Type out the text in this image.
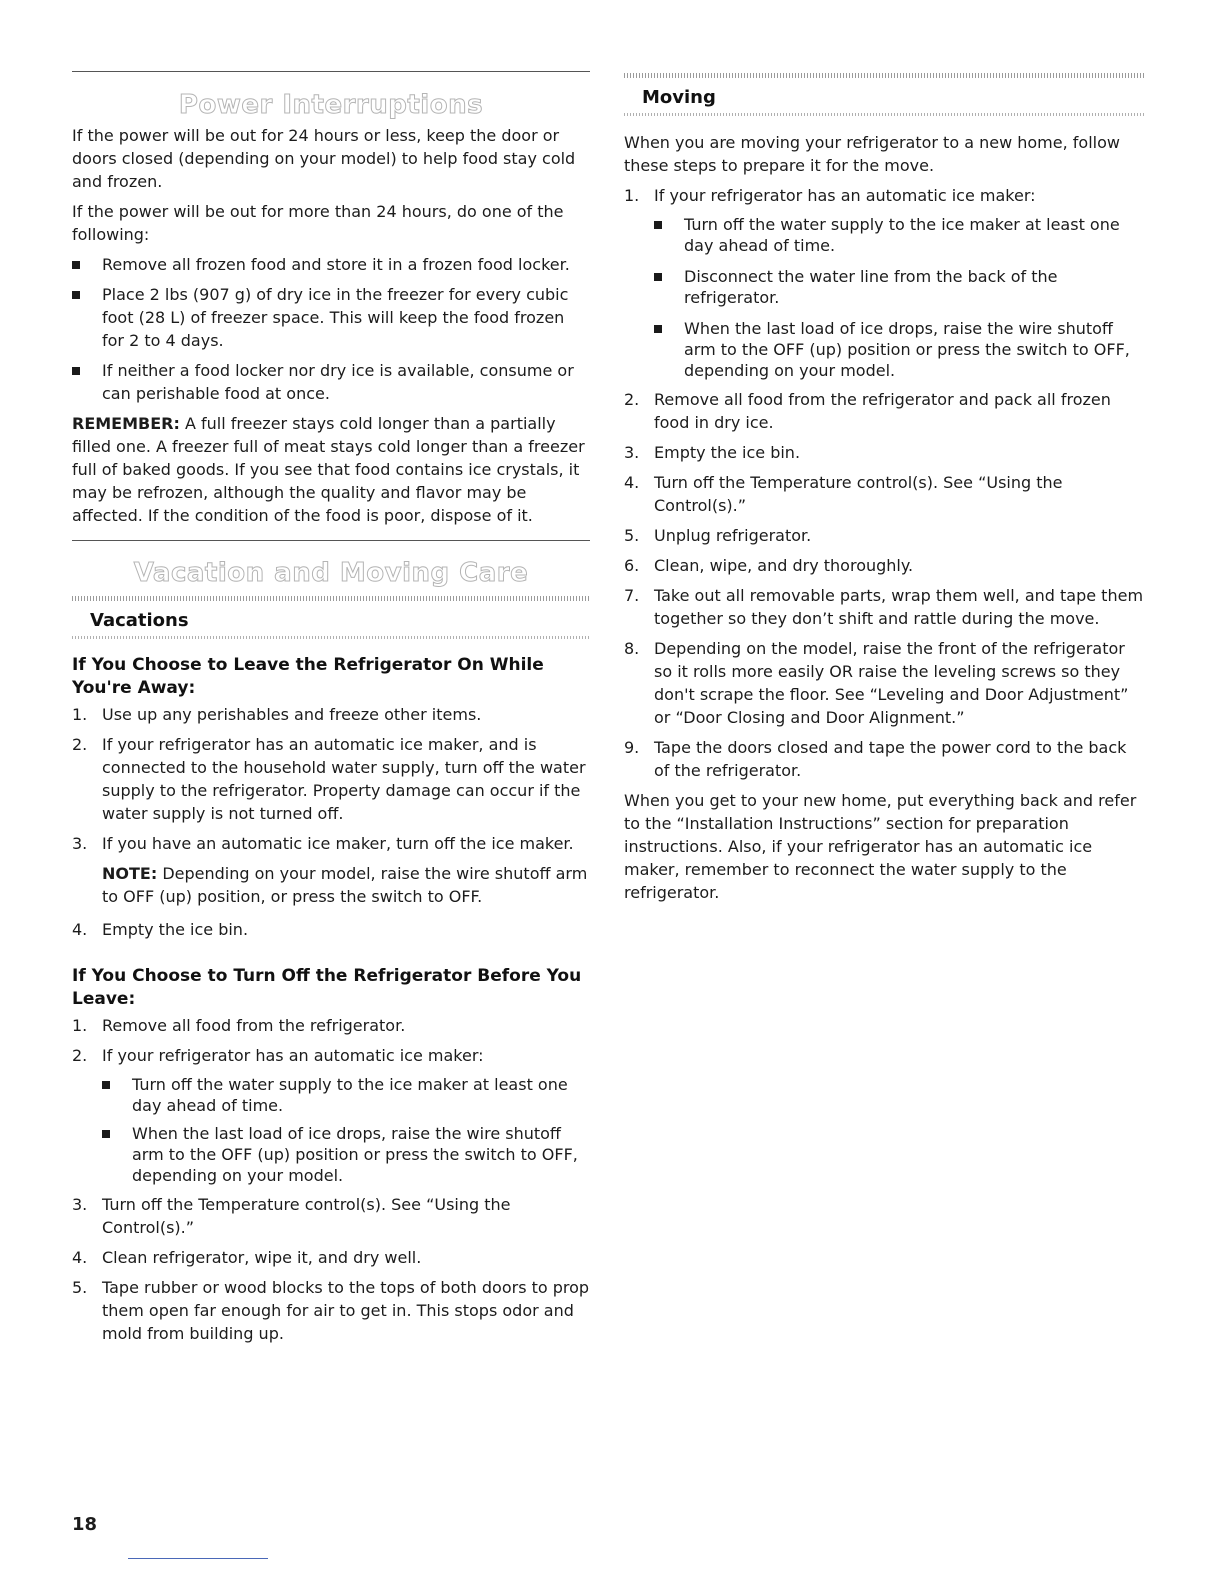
Power Interruptions

If the power will be out for 24 hours or less, keep the door or doors closed (depending on your model) to help food stay cold and frozen.

If the power will be out for more than 24 hours, do one of the following:

Remove all frozen food and store it in a frozen food locker.
Place 2 lbs (907 g) of dry ice in the freezer for every cubic foot (28 L) of freezer space. This will keep the food frozen for 2 to 4 days.
If neither a food locker nor dry ice is available, consume or can perishable food at once.

REMEMBER: A full freezer stays cold longer than a partially filled one. A freezer full of meat stays cold longer than a freezer full of baked goods. If you see that food contains ice crystals, it may be refrozen, although the quality and flavor may be affected. If the condition of the food is poor, dispose of it.

Vacation and Moving Care
Vacations
If You Choose to Leave the Refrigerator On While You're Away:
1. Use up any perishables and freeze other items.
2. If your refrigerator has an automatic ice maker, and is connected to the household water supply, turn off the water supply to the refrigerator. Property damage can occur if the water supply is not turned off.
3. If you have an automatic ice maker, turn off the ice maker.
NOTE: Depending on your model, raise the wire shutoff arm to OFF (up) position, or press the switch to OFF.
4. Empty the ice bin.
If You Choose to Turn Off the Refrigerator Before You Leave:
1. Remove all food from the refrigerator.
2. If your refrigerator has an automatic ice maker:
Turn off the water supply to the ice maker at least one day ahead of time.
When the last load of ice drops, raise the wire shutoff arm to the OFF (up) position or press the switch to OFF, depending on your model.
3. Turn off the Temperature control(s). See “Using the Control(s).”
4. Clean refrigerator, wipe it, and dry well.
5. Tape rubber or wood blocks to the tops of both doors to prop them open far enough for air to get in. This stops odor and mold from building up.
Moving

When you are moving your refrigerator to a new home, follow these steps to prepare it for the move.

1. If your refrigerator has an automatic ice maker:
Turn off the water supply to the ice maker at least one day ahead of time.
Disconnect the water line from the back of the refrigerator.
When the last load of ice drops, raise the wire shutoff arm to the OFF (up) position or press the switch to OFF, depending on your model.
2. Remove all food from the refrigerator and pack all frozen food in dry ice.
3. Empty the ice bin.
4. Turn off the Temperature control(s). See “Using the Control(s).”
5. Unplug refrigerator.
6. Clean, wipe, and dry thoroughly.
7. Take out all removable parts, wrap them well, and tape them together so they don’t shift and rattle during the move.
8. Depending on the model, raise the front of the refrigerator so it rolls more easily OR raise the leveling screws so they don't scrape the floor. See “Leveling and Door Adjustment” or “Door Closing and Door Alignment.”
9. Tape the doors closed and tape the power cord to the back of the refrigerator.

When you get to your new home, put everything back and refer to the “Installation Instructions” section for preparation instructions. Also, if your refrigerator has an automatic ice maker, remember to reconnect the water supply to the refrigerator.

18
